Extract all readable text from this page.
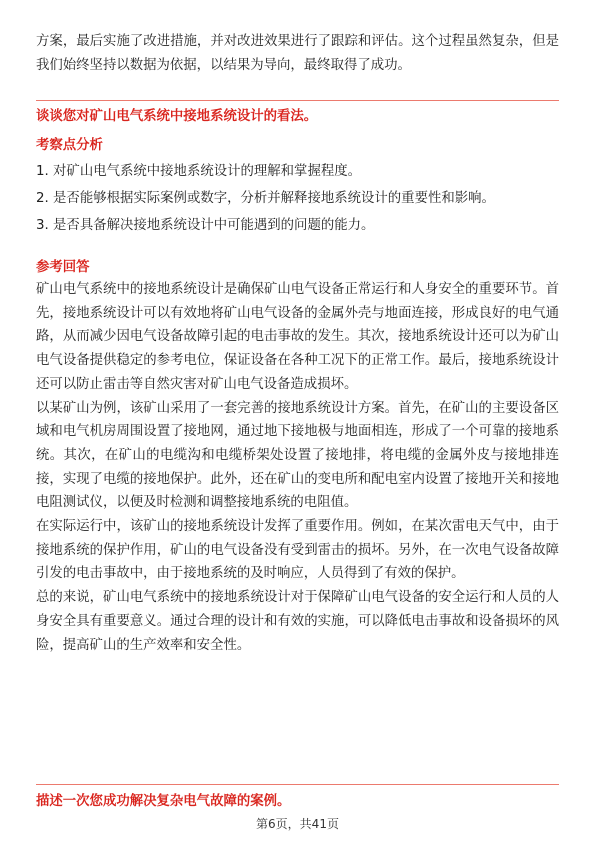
方案，最后实施了改进措施，并对改进效果进行了跟踪和评估。这个过程虽然复杂，但是我们始终坚持以数据为依据，以结果为导向，最终取得了成功。

谈谈您对矿山电气系统中接地系统设计的看法。

考察点分析

1. 对矿山电气系统中接地系统设计的理解和掌握程度。
2. 是否能够根据实际案例或数字，分析并解释接地系统设计的重要性和影响。
3. 是否具备解决接地系统设计中可能遇到的问题的能力。

参考回答

矿山电气系统中的接地系统设计是确保矿山电气设备正常运行和人身安全的重要环节。首先，接地系统设计可以有效地将矿山电气设备的金属外壳与地面连接，形成良好的电气通路，从而减少因电气设备故障引起的电击事故的发生。其次，接地系统设计还可以为矿山电气设备提供稳定的参考电位，保证设备在各种工况下的正常工作。最后，接地系统设计还可以防止雷击等自然灾害对矿山电气设备造成损坏。

以某矿山为例，该矿山采用了一套完善的接地系统设计方案。首先，在矿山的主要设备区域和电气机房周围设置了接地网，通过地下接地极与地面相连，形成了一个可靠的接地系统。其次，在矿山的电缆沟和电缆桥架处设置了接地排，将电缆的金属外皮与接地排连接，实现了电缆的接地保护。此外，还在矿山的变电所和配电室内设置了接地开关和接地电阻测试仪，以便及时检测和调整接地系统的电阻值。

在实际运行中，该矿山的接地系统设计发挥了重要作用。例如，在某次雷电天气中，由于接地系统的保护作用，矿山的电气设备没有受到雷击的损坏。另外，在一次电气设备故障引发的电击事故中，由于接地系统的及时响应，人员得到了有效的保护。

总的来说，矿山电气系统中的接地系统设计对于保障矿山电气设备的安全运行和人员的人身安全具有重要意义。通过合理的设计和有效的实施，可以降低电击事故和设备损坏的风险，提高矿山的生产效率和安全性。

描述一次您成功解决复杂电气故障的案例。

第6页，共41页
